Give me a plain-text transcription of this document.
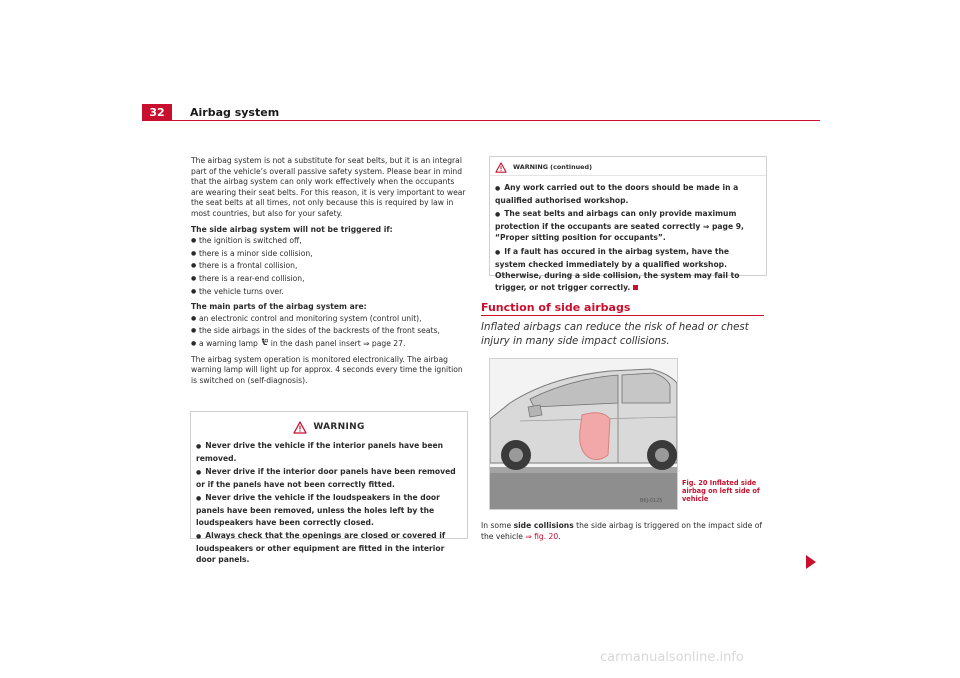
32	Airbag system

The airbag system is not a substitute for seat belts, but it is an integral part of the vehicle’s overall passive safety system. Please bear in mind that the airbag system can only work effectively when the occupants are wearing their seat belts. For this reason, it is very important to wear the seat belts at all times, not only because this is required by law in most countries, but also for your safety.

The side airbag system will not be triggered if:

● the ignition is switched off,
● there is a minor side collision,
● there is a frontal collision,
● there is a rear-end collision,
● the vehicle turns over.

The main parts of the airbag system are:

● an electronic control and monitoring system (control unit),
● the side airbags in the sides of the backrests of the front seats,
● a warning lamp  in the dash panel insert ⇒ page 27.

The airbag system operation is monitored electronically. The airbag warning lamp will light up for approx. 4 seconds every time the ignition is switched on (self-diagnosis).

WARNING
● Never drive the vehicle if the interior panels have been removed.
● Never drive if the interior door panels have been removed or if the panels have not been correctly fitted.
● Never drive the vehicle if the loudspeakers in the door panels have been removed, unless the holes left by the loudspeakers have been correctly closed.
● Always check that the openings are closed or covered if loudspeakers or other equipment are fitted in the interior door panels.
WARNING (continued)
● Any work carried out to the doors should be made in a qualified authorised workshop.
● The seat belts and airbags can only provide maximum protection if the occupants are seated correctly ⇒ page 9, “Proper sitting position for occupants”.
● If a fault has occured in the airbag system, have the system checked immediately by a qualified workshop. Otherwise, during a side collision, the system may fail to trigger, or not trigger correctly.
Function of side airbags

Inflated airbags can reduce the risk of head or chest injury in many side impact collisions.

B6J-0125
Fig. 20 Inflated side airbag on left side of vehicle

In some side collisions the side airbag is triggered on the impact side of the vehicle ⇒ fig. 20.

carmanualsonline.info
